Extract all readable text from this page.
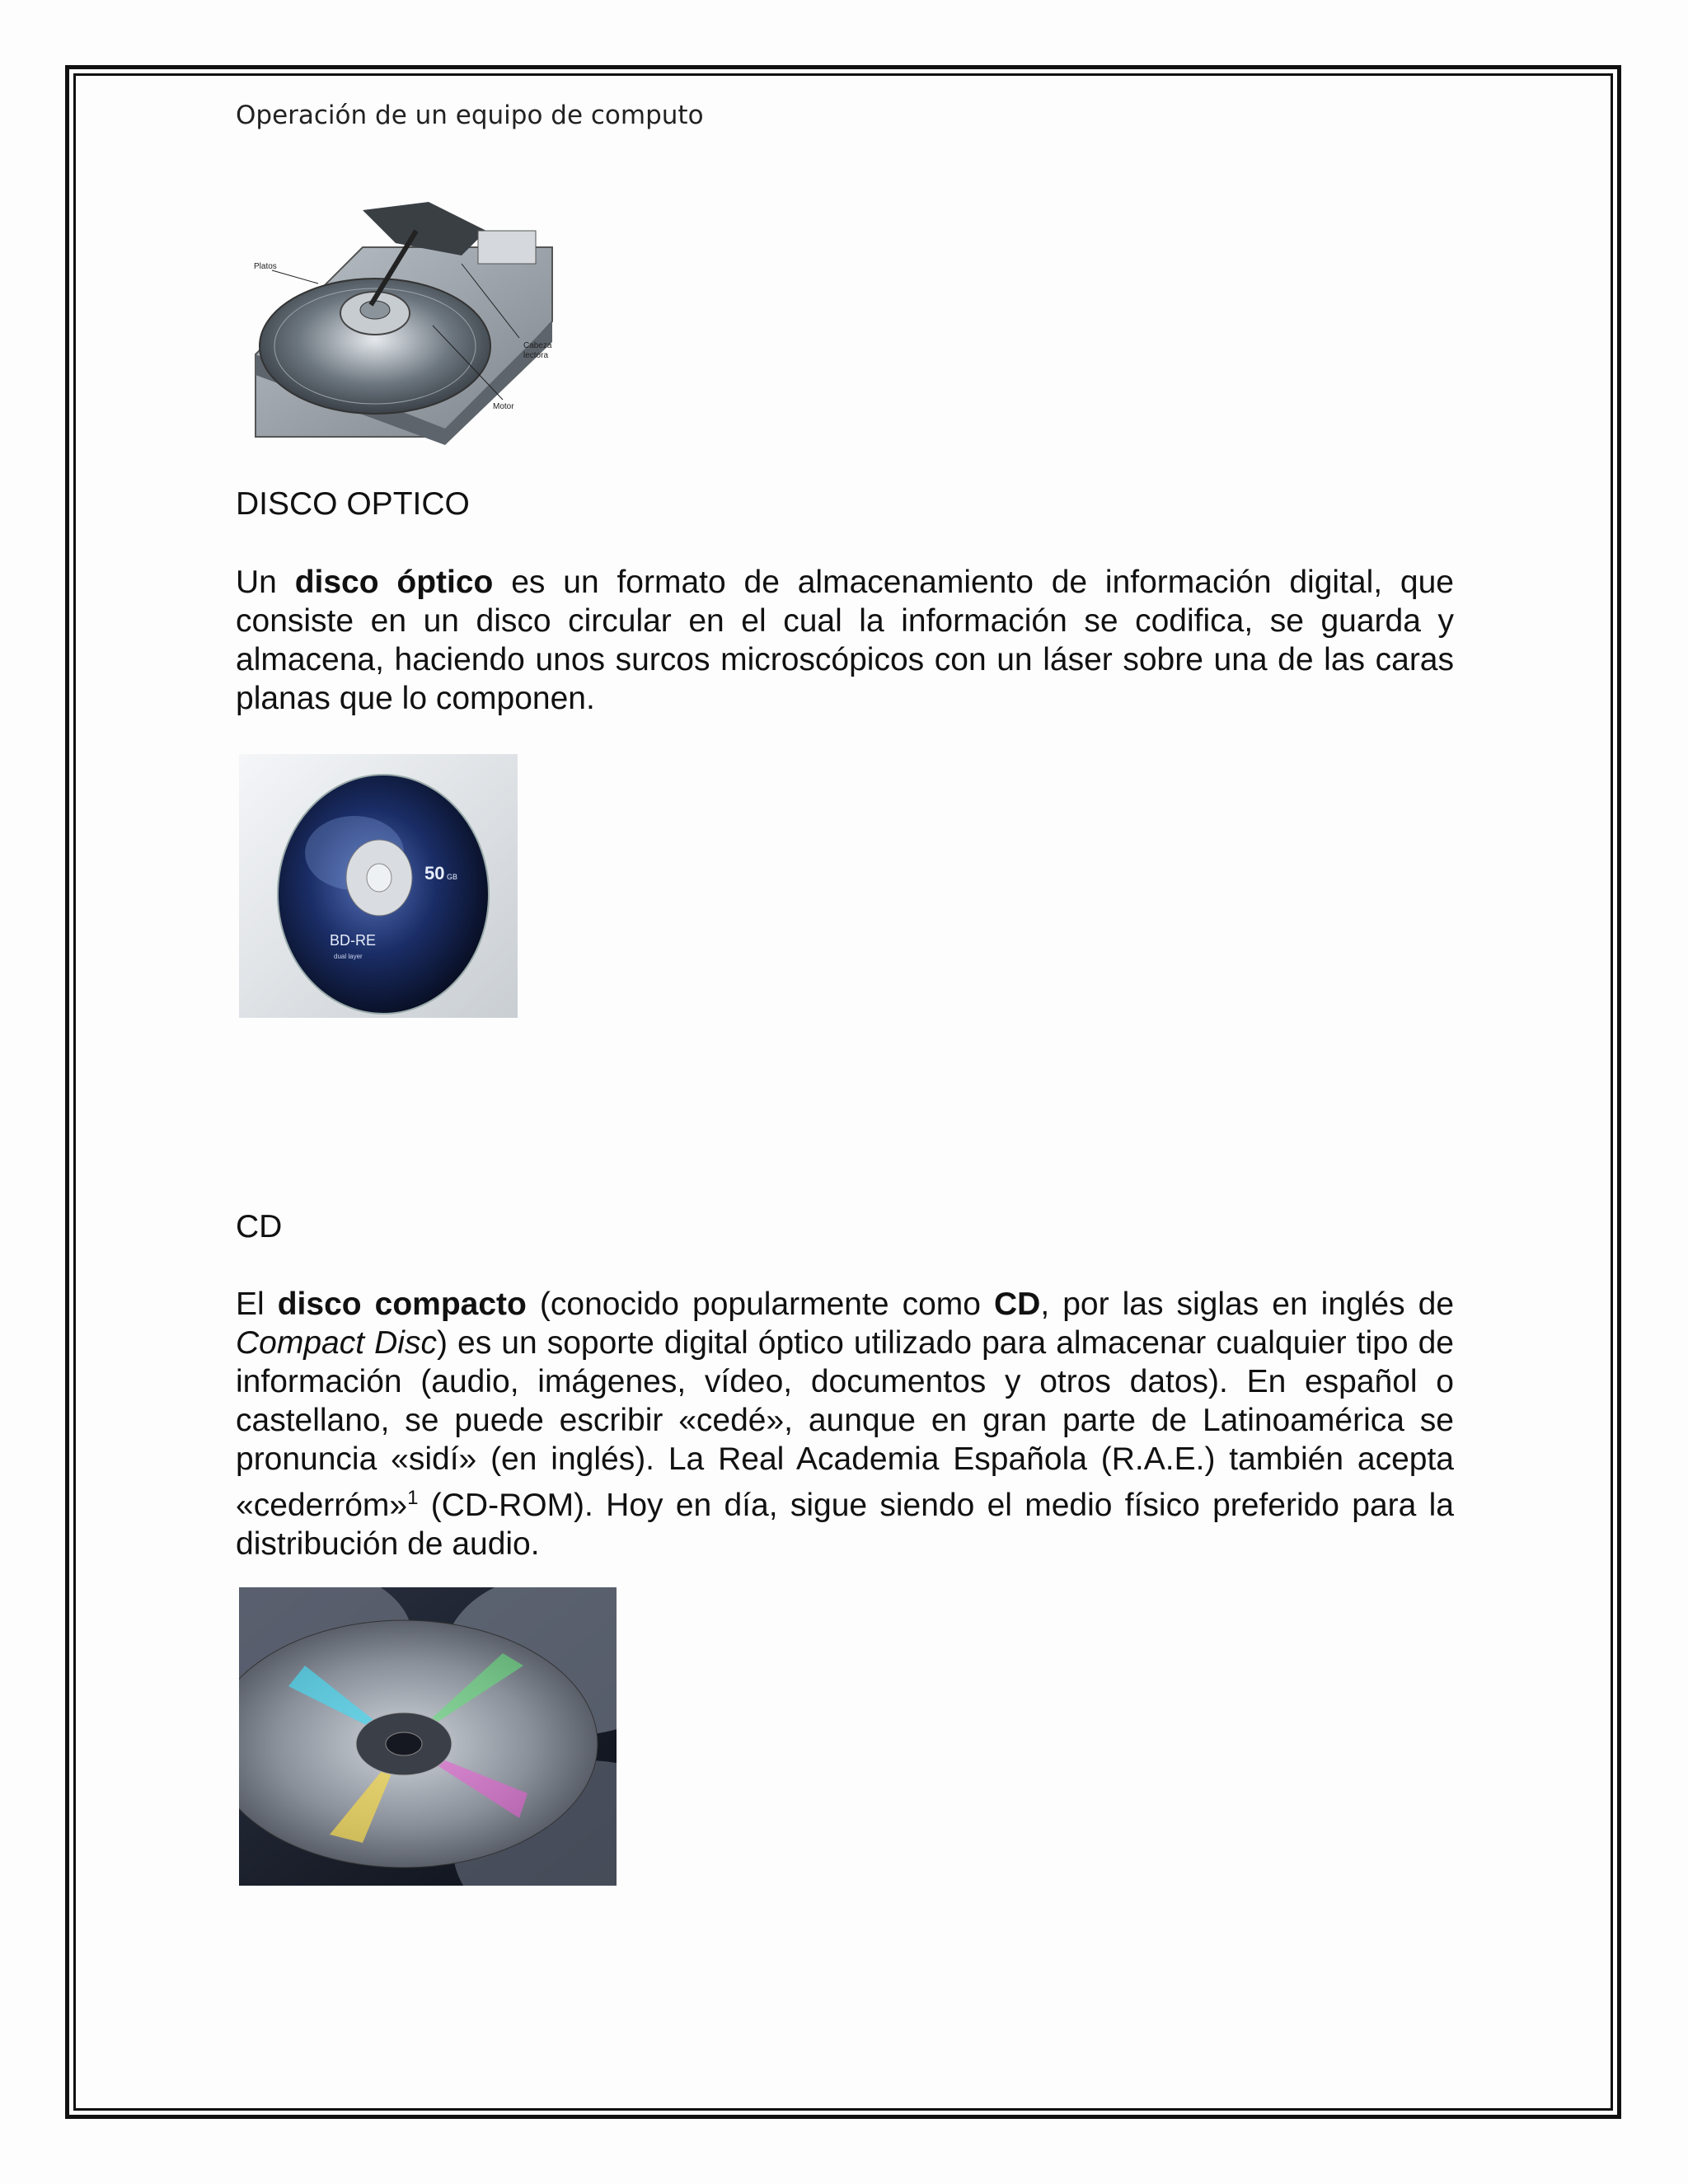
Operación de un equipo de computo
Platos
Cabeza
lectora
Motor
DISCO OPTICO

Un disco óptico es un formato de almacenamiento de información digital, que consiste en un disco circular en el cual la información se codifica, se guarda y almacena, haciendo unos surcos microscópicos con un láser sobre una de las caras planas que lo componen.

50 GB
BD-RE
dual layer
CD

El disco compacto (conocido popularmente como CD, por las siglas en inglés de Compact Disc) es un soporte digital óptico utilizado para almacenar cualquier tipo de información (audio, imágenes, vídeo, documentos y otros datos). En español o castellano, se puede escribir «cedé», aunque en gran parte de Latinoamérica se pronuncia «sidí» (en inglés). La Real Academia Española (R.A.E.) también acepta «cederróm»$^1$ (CD-ROM). Hoy en día, sigue siendo el medio físico preferido para la distribución de audio.
